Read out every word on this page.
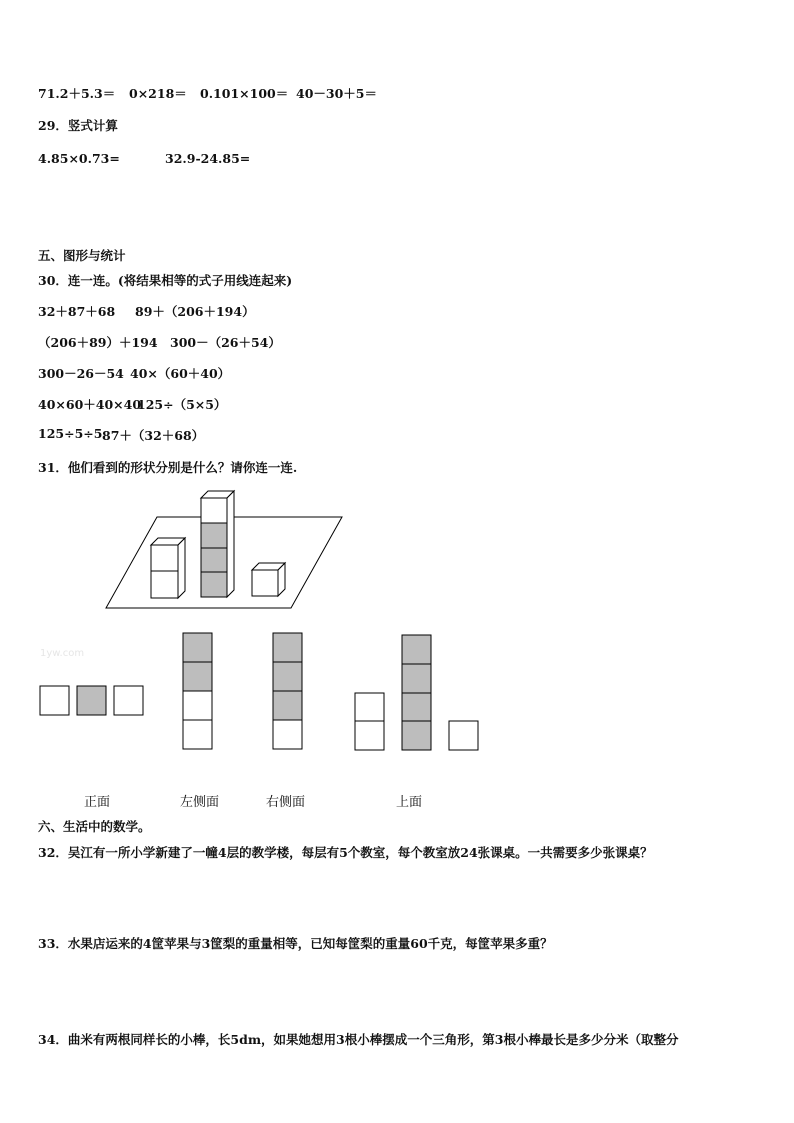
71.2＋5.3＝ 0×218＝ 0.101×100＝ 40－30＋5＝
29．竖式计算
4.85×0.73=	32.9-24.85=
五、图形与统计
30．连一连。(将结果相等的式子用线连起来)
32＋87＋68 89＋（206＋194）
（206＋89）＋194 300－（26＋54）
300－26－54 40×（60＋40）
40×60＋40×40
125÷（5×5）
125÷5÷5 87＋（32＋68）
31．他们看到的形状分别是什么？请你连一连.
1yw.com
正面	左侧面	右侧面	上面
六、生活中的数学。
32．吴江有一所小学新建了一幢4层的教学楼，每层有5个教室，每个教室放24张课桌。一共需要多少张课桌？
33．水果店运来的4筐苹果与3筐梨的重量相等，已知每筐梨的重量60千克，每筐苹果多重？
34．曲米有两根同样长的小棒，长5dm，如果她想用3根小棒摆成一个三角形，第3根小棒最长是多少分米（取整分
